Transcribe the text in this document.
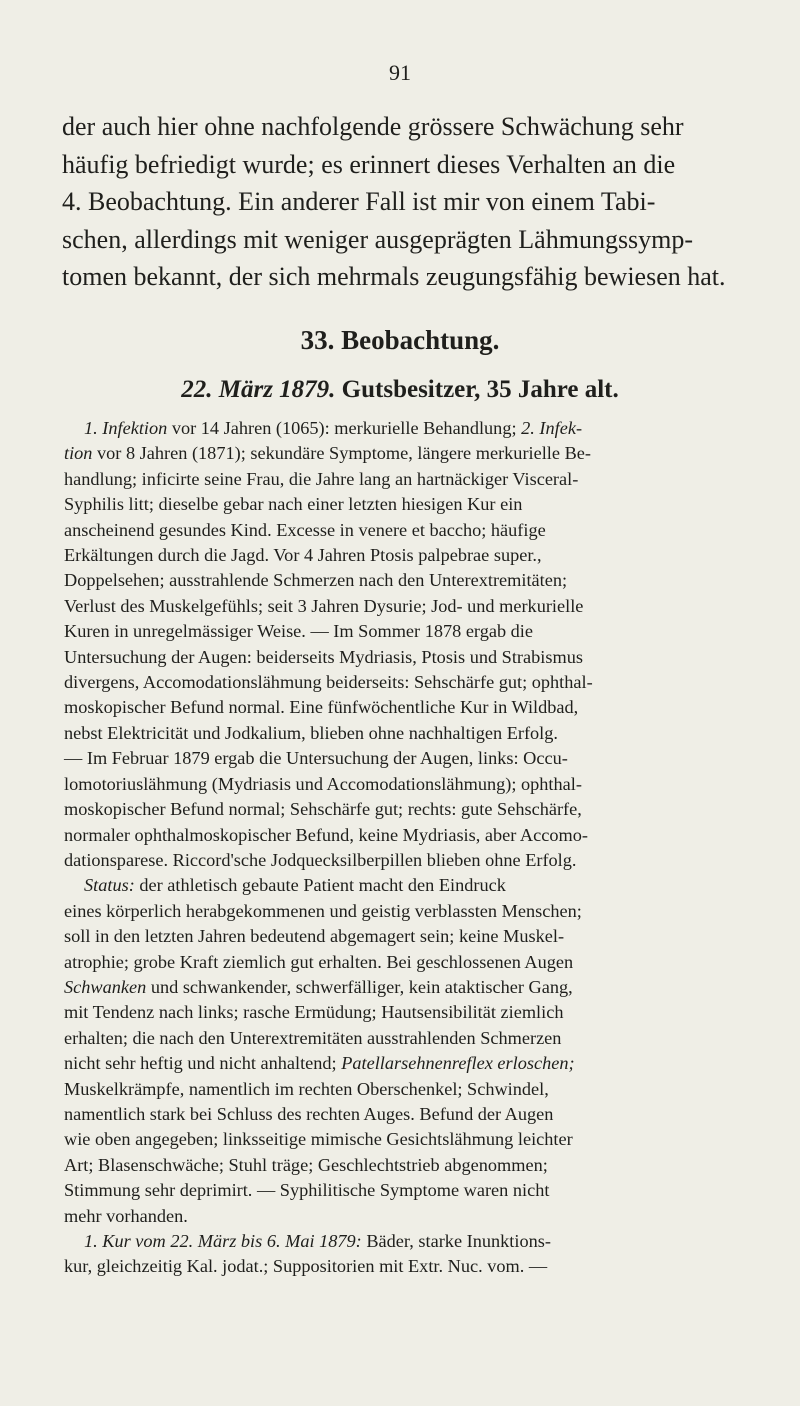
91
der auch hier ohne nachfolgende grössere Schwächung sehr
häufig befriedigt wurde; es erinnert dieses Verhalten an die
4. Beobachtung. Ein anderer Fall ist mir von einem Tabi-
schen, allerdings mit weniger ausgeprägten Lähmungssymp-
tomen bekannt, der sich mehrmals zeugungsfähig bewiesen hat.
33. Beobachtung.
22. März 1879. Gutsbesitzer, 35 Jahre alt.
1. Infektion vor 14 Jahren (1065): merkurielle Behandlung; 2. Infek-
tion vor 8 Jahren (1871); sekundäre Symptome, längere merkurielle Be-
handlung; inficirte seine Frau, die Jahre lang an hartnäckiger Visceral-
Syphilis litt; dieselbe gebar nach einer letzten hiesigen Kur ein
anscheinend gesundes Kind. Excesse in venere et baccho; häufige
Erkältungen durch die Jagd. Vor 4 Jahren Ptosis palpebrae super.,
Doppelsehen; ausstrahlende Schmerzen nach den Unterextremitäten;
Verlust des Muskelgefühls; seit 3 Jahren Dysurie; Jod- und merkurielle
Kuren in unregelmässiger Weise. — Im Sommer 1878 ergab die
Untersuchung der Augen: beiderseits Mydriasis, Ptosis und Strabismus
divergens, Accomodationslähmung beiderseits: Sehschärfe gut; ophthal-
moskopischer Befund normal. Eine fünfwöchentliche Kur in Wildbad,
nebst Elektricität und Jodkalium, blieben ohne nachhaltigen Erfolg.
— Im Februar 1879 ergab die Untersuchung der Augen, links: Occu-
lomotoriuslähmung (Mydriasis und Accomodationslähmung); ophthal-
moskopischer Befund normal; Sehschärfe gut; rechts: gute Sehschärfe,
normaler ophthalmoskopischer Befund, keine Mydriasis, aber Accomo-
dationsparese. Riccord'sche Jodquecksilberpillen blieben ohne Erfolg.
Status: der athletisch gebaute Patient macht den Eindruck
eines körperlich herabgekommenen und geistig verblassten Menschen;
soll in den letzten Jahren bedeutend abgemagert sein; keine Muskel-
atrophie; grobe Kraft ziemlich gut erhalten. Bei geschlossenen Augen
Schwanken und schwankender, schwerfälliger, kein ataktischer Gang,
mit Tendenz nach links; rasche Ermüdung; Hautsensibilität ziemlich
erhalten; die nach den Unterextremitäten ausstrahlenden Schmerzen
nicht sehr heftig und nicht anhaltend; Patellarsehnenreflex erloschen;
Muskelkrämpfe, namentlich im rechten Oberschenkel; Schwindel,
namentlich stark bei Schluss des rechten Auges. Befund der Augen
wie oben angegeben; linksseitige mimische Gesichtslähmung leichter
Art; Blasenschwäche; Stuhl träge; Geschlechtstrieb abgenommen;
Stimmung sehr deprimirt. — Syphilitische Symptome waren nicht
mehr vorhanden.
1. Kur vom 22. März bis 6. Mai 1879: Bäder, starke Inunktions-
kur, gleichzeitig Kal. jodat.; Suppositorien mit Extr. Nuc. vom. —
